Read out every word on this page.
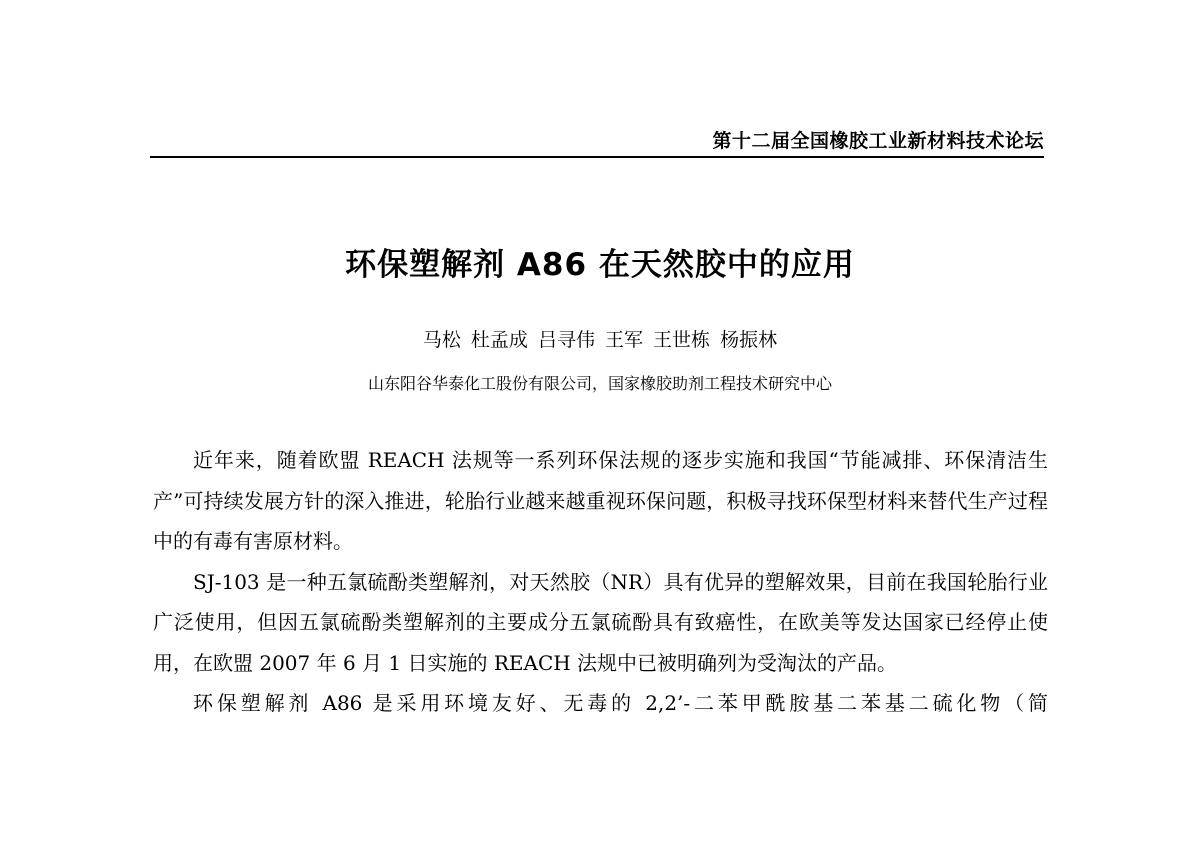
第十二届全国橡胶工业新材料技术论坛
环保塑解剂 A86 在天然胶中的应用
马松 杜孟成 吕寻伟 王军 王世栋 杨振林
山东阳谷华泰化工股份有限公司，国家橡胶助剂工程技术研究中心

近年来，随着欧盟 REACH 法规等一系列环保法规的逐步实施和我国“节能减排、环保清洁生产”可持续发展方针的深入推进，轮胎行业越来越重视环保问题，积极寻找环保型材料来替代生产过程中的有毒有害原材料。

SJ-103 是一种五氯硫酚类塑解剂，对天然胶（NR）具有优异的塑解效果，目前在我国轮胎行业广泛使用，但因五氯硫酚类塑解剂的主要成分五氯硫酚具有致癌性，在欧美等发达国家已经停止使用，在欧盟 2007 年 6 月 1 日实施的 REACH 法规中已被明确列为受淘汰的产品。

环保塑解剂 A86 是采用环境友好、无毒的 2,2’-二苯甲酰胺基二苯基二硫化物（简
